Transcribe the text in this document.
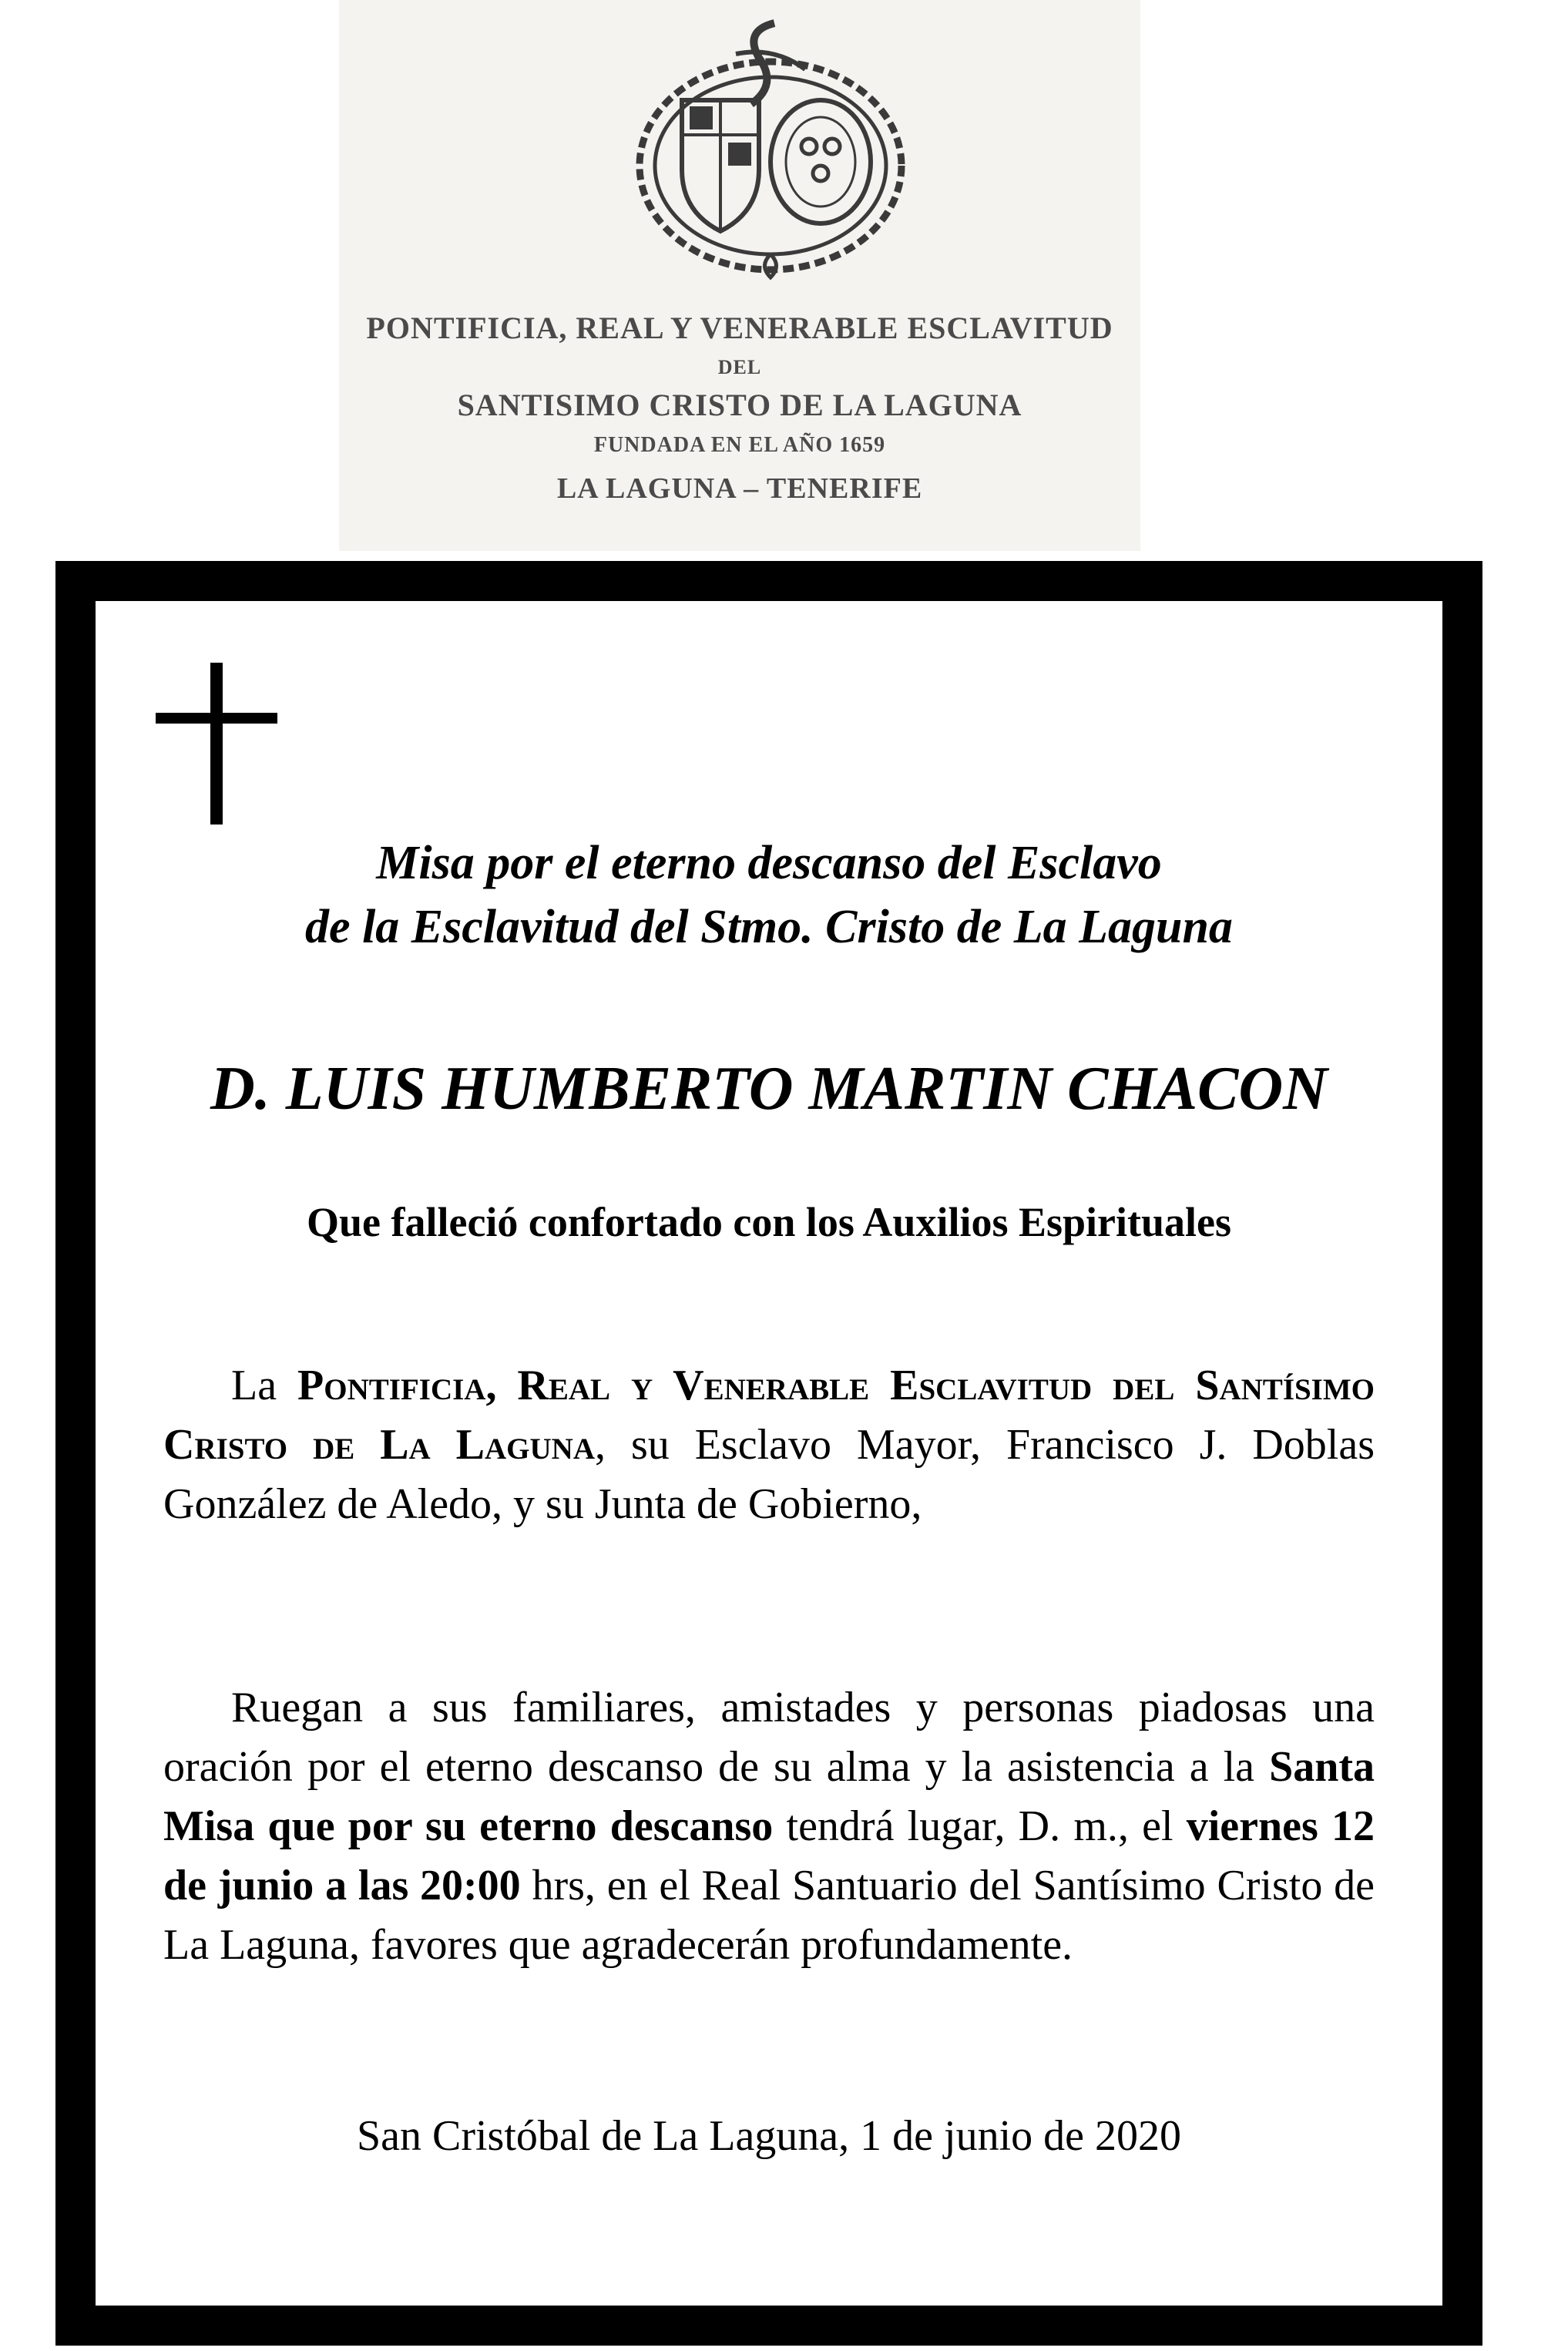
PONTIFICIA, REAL Y VENERABLE ESCLAVITUD
DEL
SANTISIMO CRISTO DE LA LAGUNA
FUNDADA EN EL AÑO 1659
LA LAGUNA – TENERIFE
Misa por el eterno descanso del Esclavo
de la Esclavitud del Stmo. Cristo de La Laguna
D. LUIS HUMBERTO MARTIN CHACON
Que falleció confortado con los Auxilios Espirituales
La Pontificia, Real y Venerable Esclavitud del Santísimo Cristo de La Laguna, su Esclavo Mayor, Francisco J. Doblas González de Aledo, y su Junta de Gobierno,
Ruegan a sus familiares, amistades y personas piadosas una oración por el eterno descanso de su alma y la asistencia a la Santa Misa que por su eterno descanso tendrá lugar, D. m., el viernes 12 de junio a las 20:00 hrs, en el Real Santuario del Santísimo Cristo de La Laguna, favores que agradecerán profundamente.
San Cristóbal de La Laguna, 1 de junio de 2020
